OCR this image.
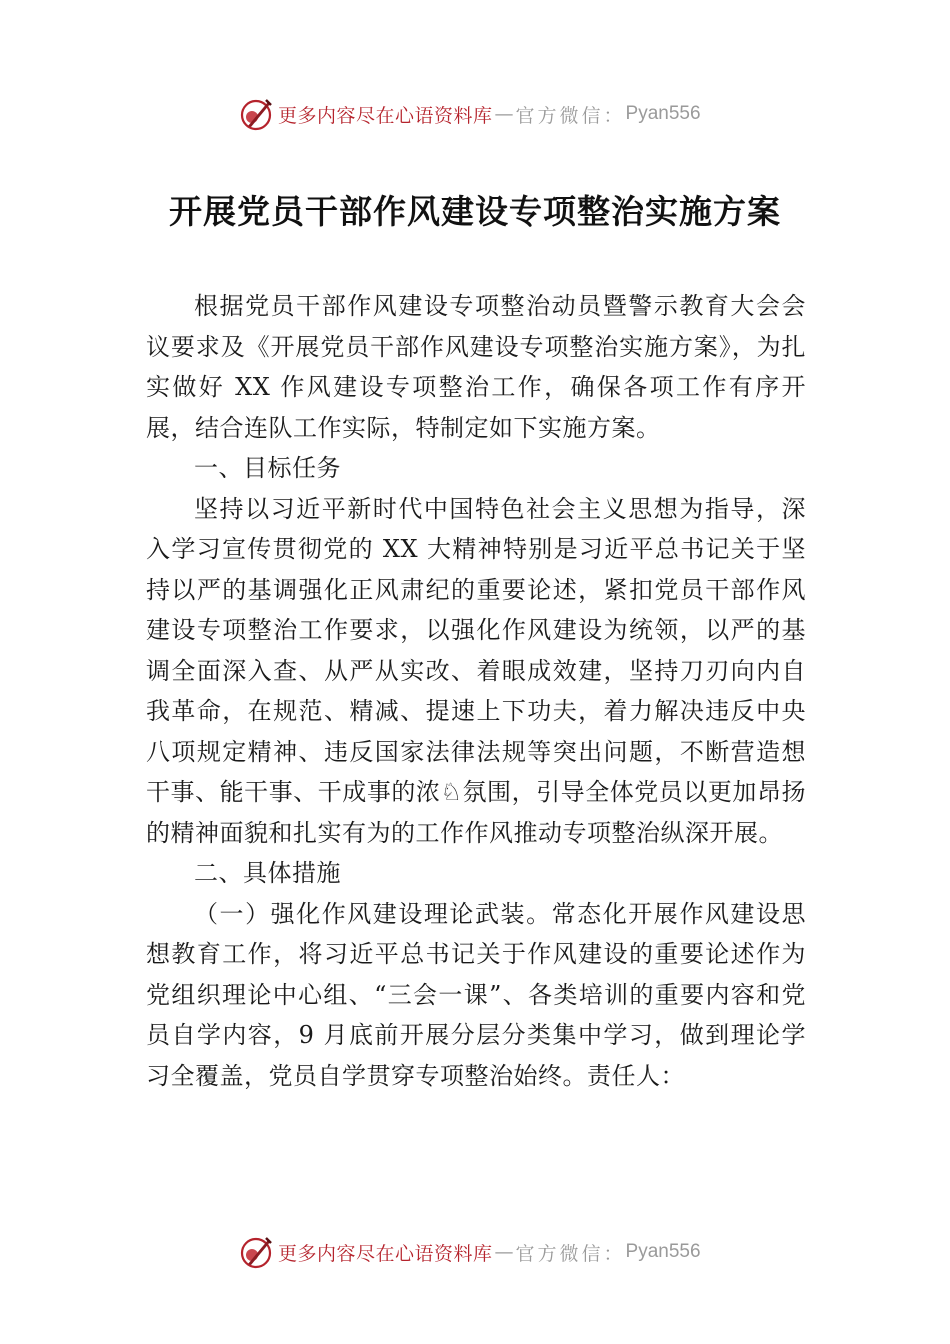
更多内容尽在心语资料库 — 官方微信： Pyan556
开展党员干部作风建设专项整治实施方案

根据党员干部作风建设专项整治动员暨警示教育大会会议要求及《开展党员干部作风建设专项整治实施方案》，为扎实做好 XX 作风建设专项整治工作，确保各项工作有序开展，结合连队工作实际，特制定如下实施方案。

一、目标任务

坚持以习近平新时代中国特色社会主义思想为指导，深入学习宣传贯彻党的 XX 大精神特别是习近平总书记关于坚持以严的基调强化正风肃纪的重要论述，紧扣党员干部作风建设专项整治工作要求，以强化作风建设为统领，以严的基调全面深入查、从严从实改、着眼成效建，坚持刀刃向内自我革命，在规范、精减、提速上下功夫，着力解决违反中央八项规定精神、违反国家法律法规等突出问题，不断营造想干事、能干事、干成事的浓♘氛围，引导全体党员以更加昂扬的精神面貌和扎实有为的工作作风推动专项整治纵深开展。

二、具体措施

（一）强化作风建设理论武装。常态化开展作风建设思想教育工作，将习近平总书记关于作风建设的重要论述作为党组织理论中心组、“三会一课”、各类培训的重要内容和党员自学内容，9 月底前开展分层分类集中学习，做到理论学习全覆盖，党员自学贯穿专项整治始终。责任人：

更多内容尽在心语资料库 — 官方微信： Pyan556
